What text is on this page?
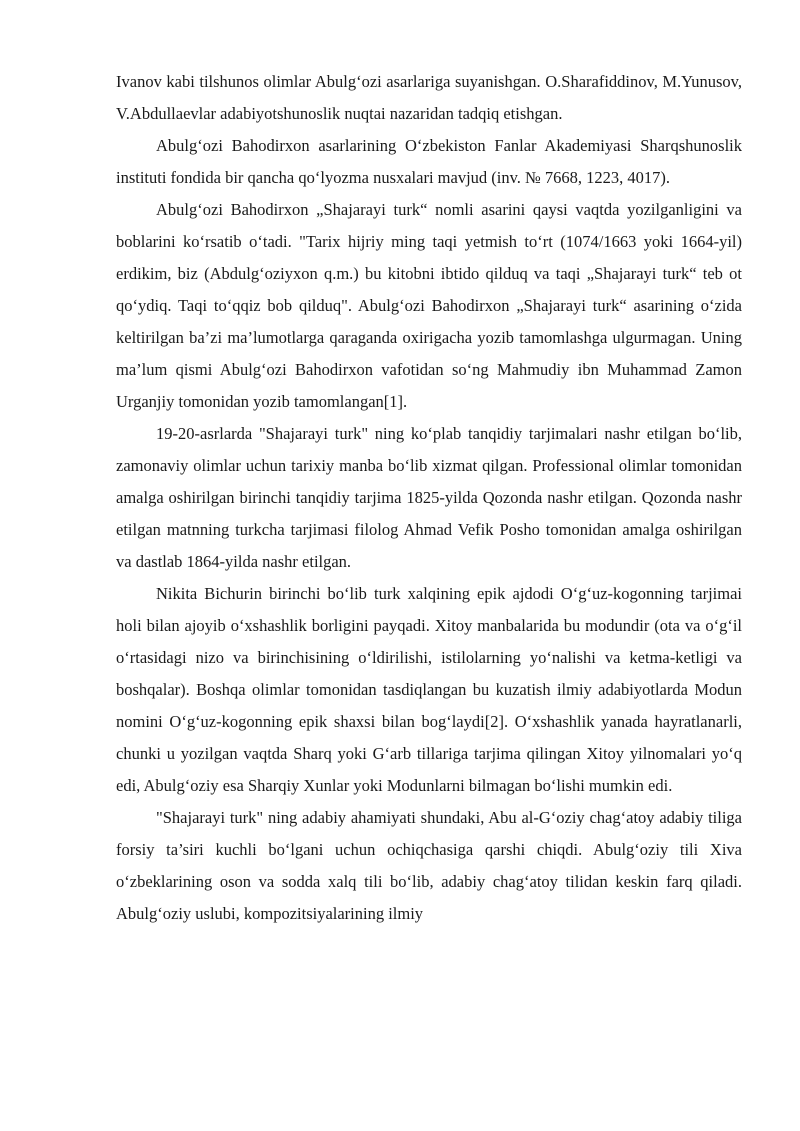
Ivanov kabi tilshunos olimlar Abulg‘ozi asarlariga suyanishgan. O.Sharafiddinov, M.Yunusov, V.Abdullaevlar adabiyotshunoslik nuqtai nazaridan tadqiq etishgan.

Abulg‘ozi Bahodirxon asarlarining O‘zbekiston Fanlar Akademiyasi Sharqshunoslik instituti fondida bir qancha qo‘lyozma nusxalari mavjud (inv. № 7668, 1223, 4017).

Abulg‘ozi Bahodirxon „Shajarayi turk“ nomli asarini qaysi vaqtda yozilganligini va boblarini ko‘rsatib o‘tadi. "Tarix hijriy ming taqi yetmish to‘rt (1074/1663 yoki 1664-yil) erdikim, biz (Abdulg‘oziyxon q.m.) bu kitobni ibtido qilduq va taqi „Shajarayi turk“ teb ot qo‘ydiq. Taqi to‘qqiz bob qilduq". Abulg‘ozi Bahodirxon „Shajarayi turk“ asarining o‘zida keltirilgan ba’zi ma’lumotlarga qaraganda oxirigacha yozib tamomlashga ulgurmagan. Uning ma’lum qismi Abulg‘ozi Bahodirxon vafotidan so‘ng Mahmudiy ibn Muhammad Zamon Urganjiy tomonidan yozib tamomlangan[1].

19-20-asrlarda "Shajarayi turk" ning ko‘plab tanqidiy tarjimalari nashr etilgan bo‘lib, zamonaviy olimlar uchun tarixiy manba bo‘lib xizmat qilgan. Professional olimlar tomonidan amalga oshirilgan birinchi tanqidiy tarjima 1825-yilda Qozonda nashr etilgan. Qozonda nashr etilgan matnning turkcha tarjimasi filolog Ahmad Vefik Posho tomonidan amalga oshirilgan va dastlab 1864-yilda nashr etilgan.

Nikita Bichurin birinchi bo‘lib turk xalqining epik ajdodi O‘g‘uz-kogonning tarjimai holi bilan ajoyib o‘xshashlik borligini payqadi. Xitoy manbalarida bu modundir (ota va o‘g‘il o‘rtasidagi nizo va birinchisining o‘ldirilishi, istilolarning yo‘nalishi va ketma-ketligi va boshqalar). Boshqa olimlar tomonidan tasdiqlangan bu kuzatish ilmiy adabiyotlarda Modun nomini O‘g‘uz-kogonning epik shaxsi bilan bog‘laydi[2]. O‘xshashlik yanada hayratlanarli, chunki u yozilgan vaqtda Sharq yoki G‘arb tillariga tarjima qilingan Xitoy yilnomalari yo‘q edi, Abulg‘oziy esa Sharqiy Xunlar yoki Modunlarni bilmagan bo‘lishi mumkin edi.

"Shajarayi turk" ning adabiy ahamiyati shundaki, Abu al-G‘oziy chag‘atoy adabiy tiliga forsiy ta’siri kuchli bo‘lgani uchun ochiqchasiga qarshi chiqdi. Abulg‘oziy tili Xiva o‘zbeklarining oson va sodda xalq tili bo‘lib, adabiy chag‘atoy tilidan keskin farq qiladi. Abulg‘oziy uslubi, kompozitsiyalarining ilmiy
